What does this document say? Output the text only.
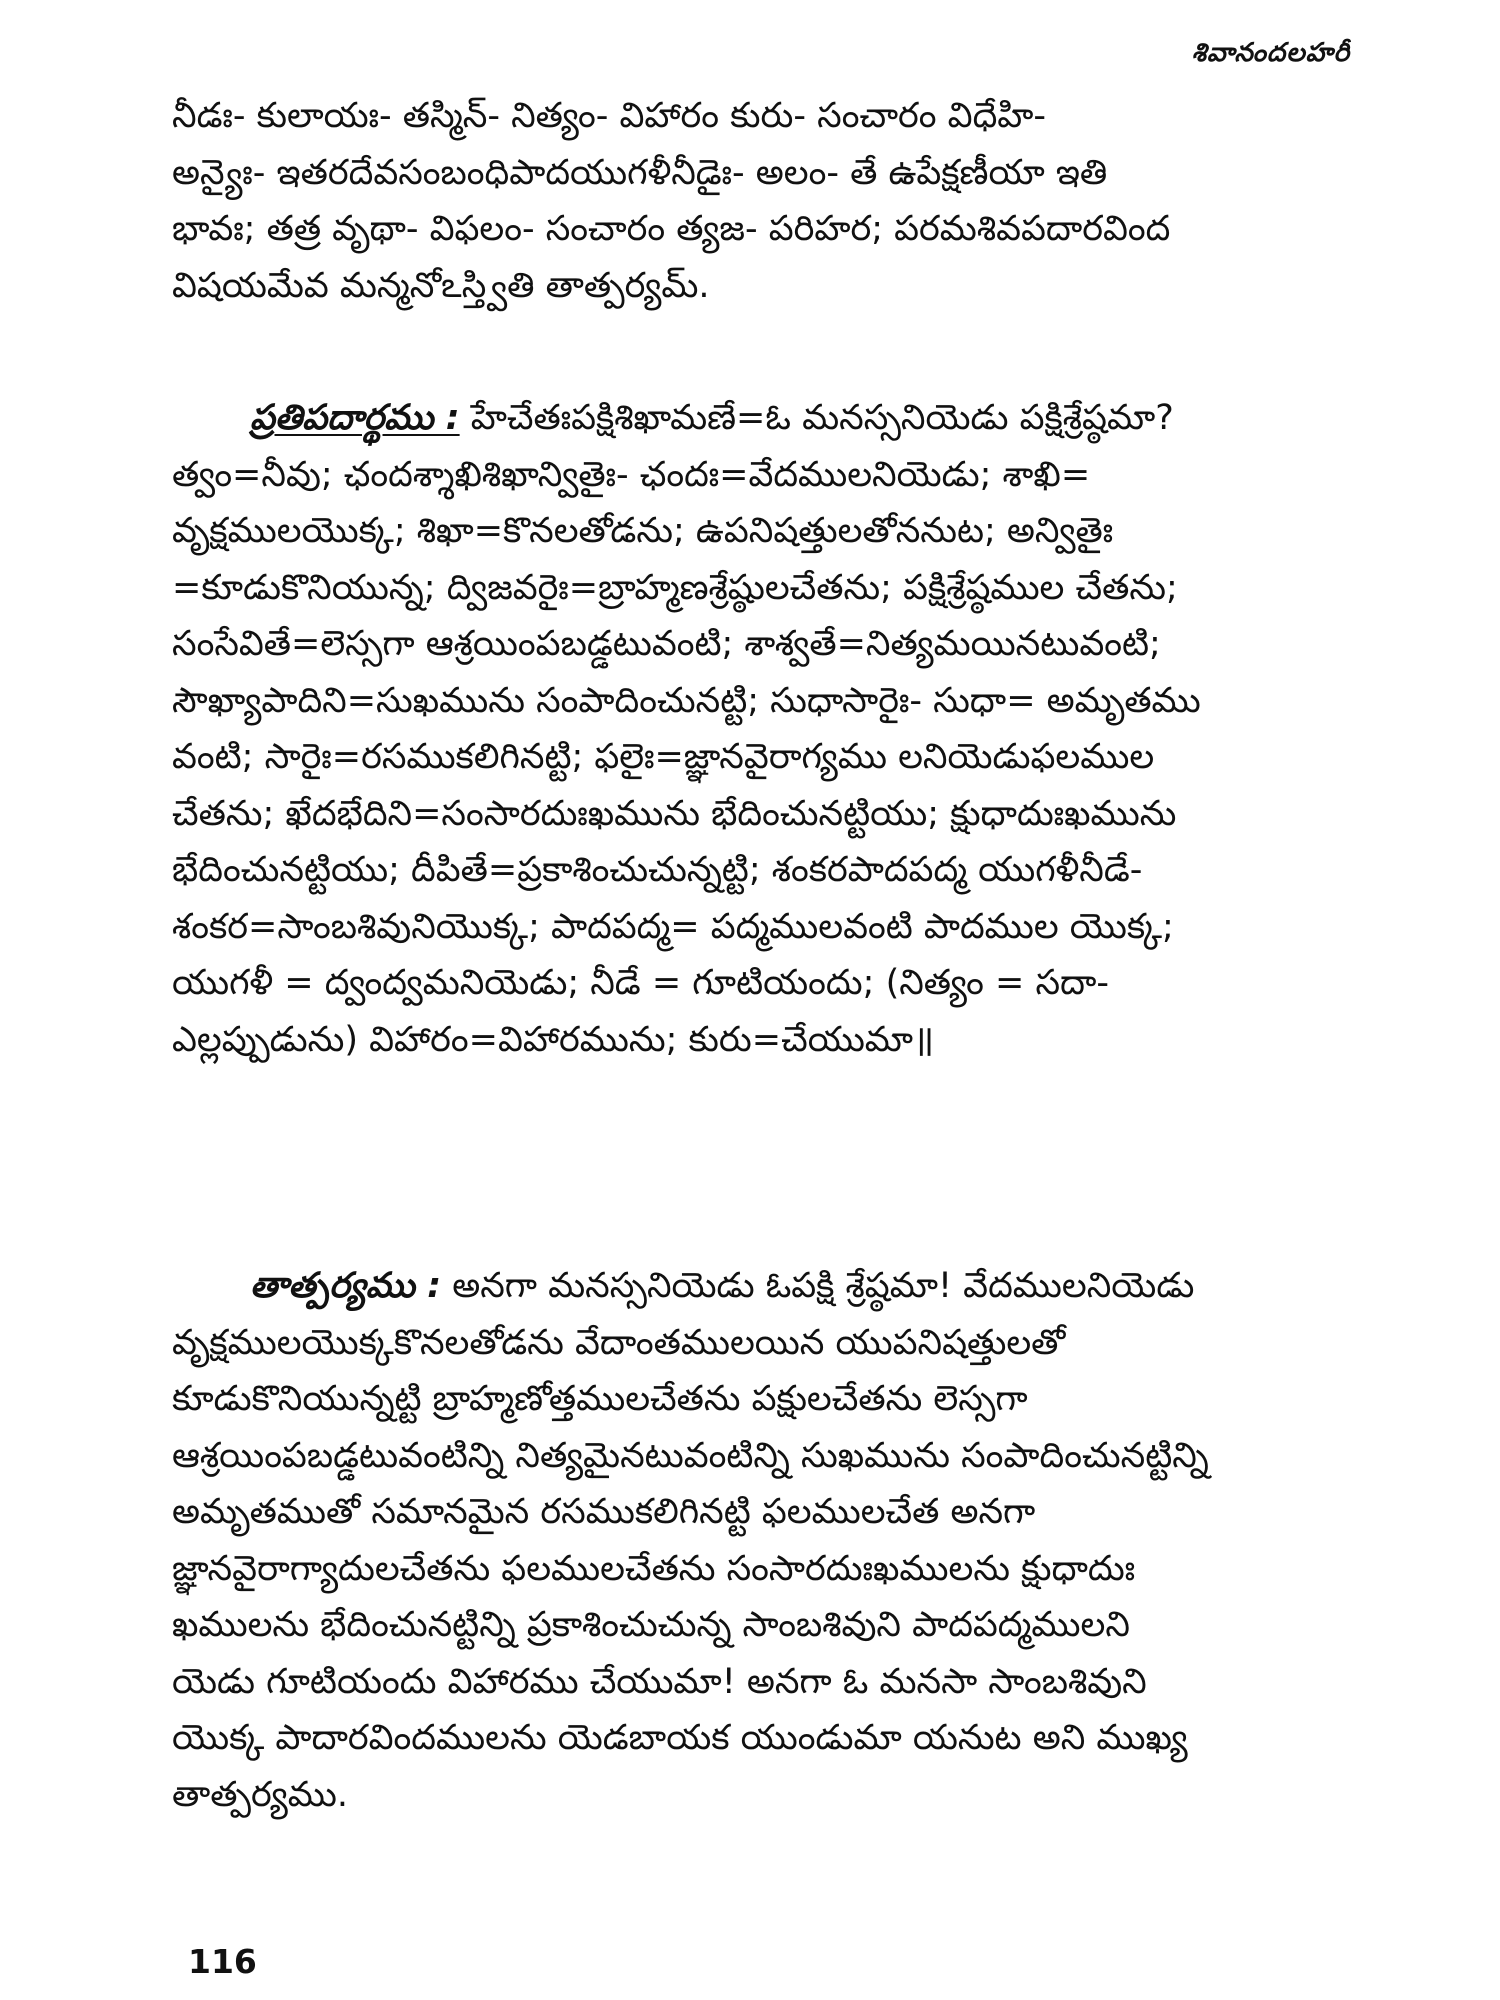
శివానందలహరీ
నీడః- కులాయః- తస్మిన్- నిత్యం- విహారం కురు- సంచారం విధేహి-
అన్యైః- ఇతరదేవసంబంధిపాదయుగళీనీడైః- అలం- తే ఉపేక్షణీయా ఇతి
భావః; తత్ర వృథా- విఫలం- సంచారం త్యజ- పరిహర; పరమశివపదారవింద
విషయమేవ మన్మనోఽస్త్వితి తాత్పర్యమ్.
ప్రతిపదార్థము : హేచేతఃపక్షిశిఖామణే=ఓ మనస్సనియెడు పక్షిశ్రేష్ఠమా?
త్వం=నీవు; ఛందశ్శాఖిశిఖాన్వితైః- ఛందః=వేదములనియెడు; శాఖి=
వృక్షములయొక్క; శిఖా=కొనలతోడను; ఉపనిషత్తులతోననుట; అన్వితైః
=కూడుకొనియున్న; ద్విజవరైః=బ్రాహ్మణశ్రేష్ఠులచేతను; పక్షిశ్రేష్ఠముల చేతను;
సంసేవితే=లెస్సగా ఆశ్రయింపబడ్డటువంటి; శాశ్వతే=నిత్యమయినటువంటి;
సౌఖ్యాపాదిని=సుఖమును సంపాదించునట్టి; సుధాసారైః- సుధా= అమృతము
వంటి; సారైః=రసముకలిగినట్టి; ఫలైః=జ్ఞానవైరాగ్యము లనియెడుఫలముల
చేతను; ఖేదభేదిని=సంసారదుఃఖమును భేదించునట్టియు; క్షుధాదుఃఖమును
భేదించునట్టియు; దీపితే=ప్రకాశించుచున్నట్టి; శంకరపాదపద్మ యుగళీనీడే-
శంకర=సాంబశివునియొక్క; పాదపద్మ= పద్మములవంటి పాదముల యొక్క;
యుగళీ = ద్వంద్వమనియెడు; నీడే = గూటియందు; (నిత్యం = సదా-
ఎల్లప్పుడును) విహారం=విహారమును; కురు=చేయుమా॥
తాత్పర్యము : అనగా మనస్సనియెడు ఓపక్షి శ్రేష్ఠమా! వేదములనియెడు
వృక్షములయొక్కకొనలతోడను వేదాంతములయిన యుపనిషత్తులతో
కూడుకొనియున్నట్టి బ్రాహ్మణోత్తములచేతను పక్షులచేతను లెస్సగా
ఆశ్రయింపబడ్డటువంటిన్ని నిత్యమైనటువంటిన్ని సుఖమును సంపాదించునట్టిన్ని
అమృతముతో సమానమైన రసముకలిగినట్టి ఫలములచేత అనగా
జ్ఞానవైరాగ్యాదులచేతను ఫలములచేతను సంసారదుఃఖములను క్షుధాదుః
ఖములను భేదించునట్టిన్ని ప్రకాశించుచున్న సాంబశివుని పాదపద్మములని
యెడు గూటియందు విహారము చేయుమా! అనగా ఓ మనసా సాంబశివుని
యొక్క పాదారవిందములను యెడబాయక యుండుమా యనుట అని ముఖ్య
తాత్పర్యము.
116
